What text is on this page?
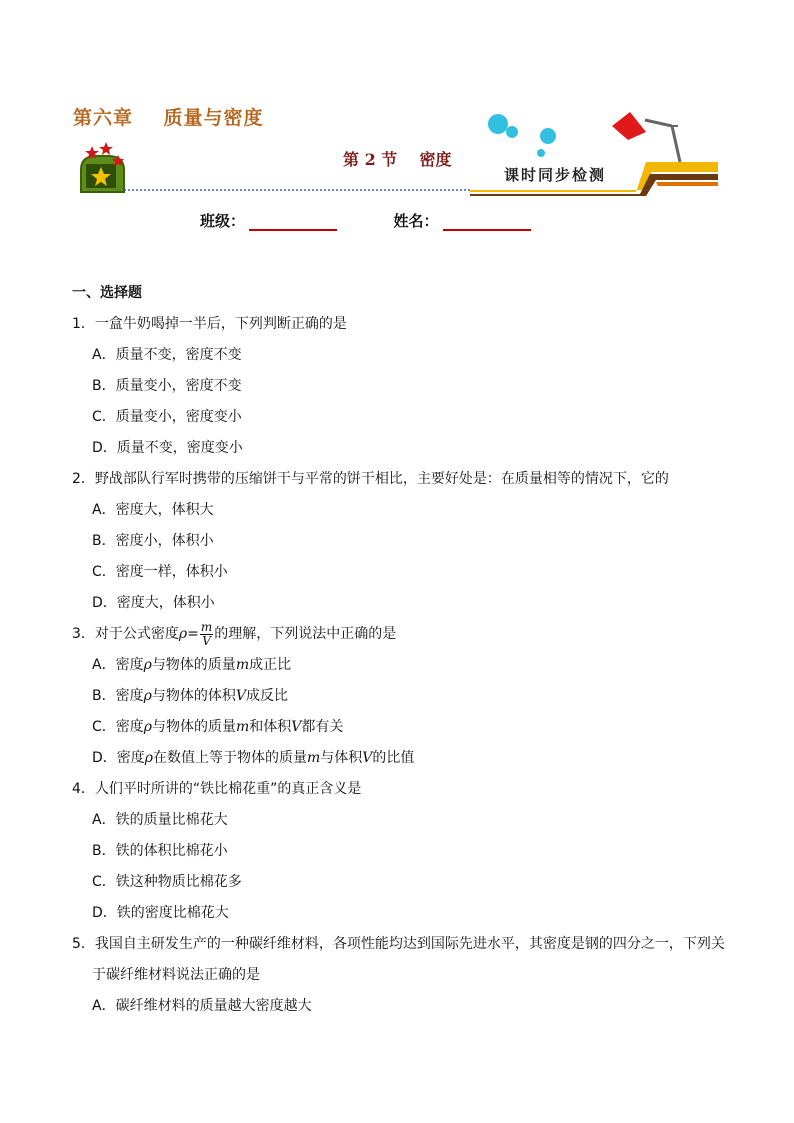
第六章    质量与密度
第 2 节    密度
课时同步检测
班级：	姓名：
一、选择题
1．一盒牛奶喝掉一半后，下列判断正确的是
A．质量不变，密度不变
B．质量变小，密度不变
C．质量变小，密度变小
D．质量不变，密度变小
2．野战部队行军时携带的压缩饼干与平常的饼干相比，主要好处是：在质量相等的情况下，它的
A．密度大，体积大
B．密度小，体积小
C．密度一样，体积小
D．密度大，体积小
3．对于公式密度$\rho= \frac{m}{V}$ 的理解，下列说法中正确的是
A．密度ρ与物体的质量m成正比
B．密度ρ与物体的体积V成反比
C．密度ρ与物体的质量m和体积V都有关
D．密度ρ在数值上等于物体的质量m与体积V的比值
4．人们平时所讲的“铁比棉花重”的真正含义是
A．铁的质量比棉花大
B．铁的体积比棉花小
C．铁这种物质比棉花多
D．铁的密度比棉花大
5．我国自主研发生产的一种碳纤维材料，各项性能均达到国际先进水平，其密度是钢的四分之一，下列关
于碳纤维材料说法正确的是
A．碳纤维材料的质量越大密度越大
